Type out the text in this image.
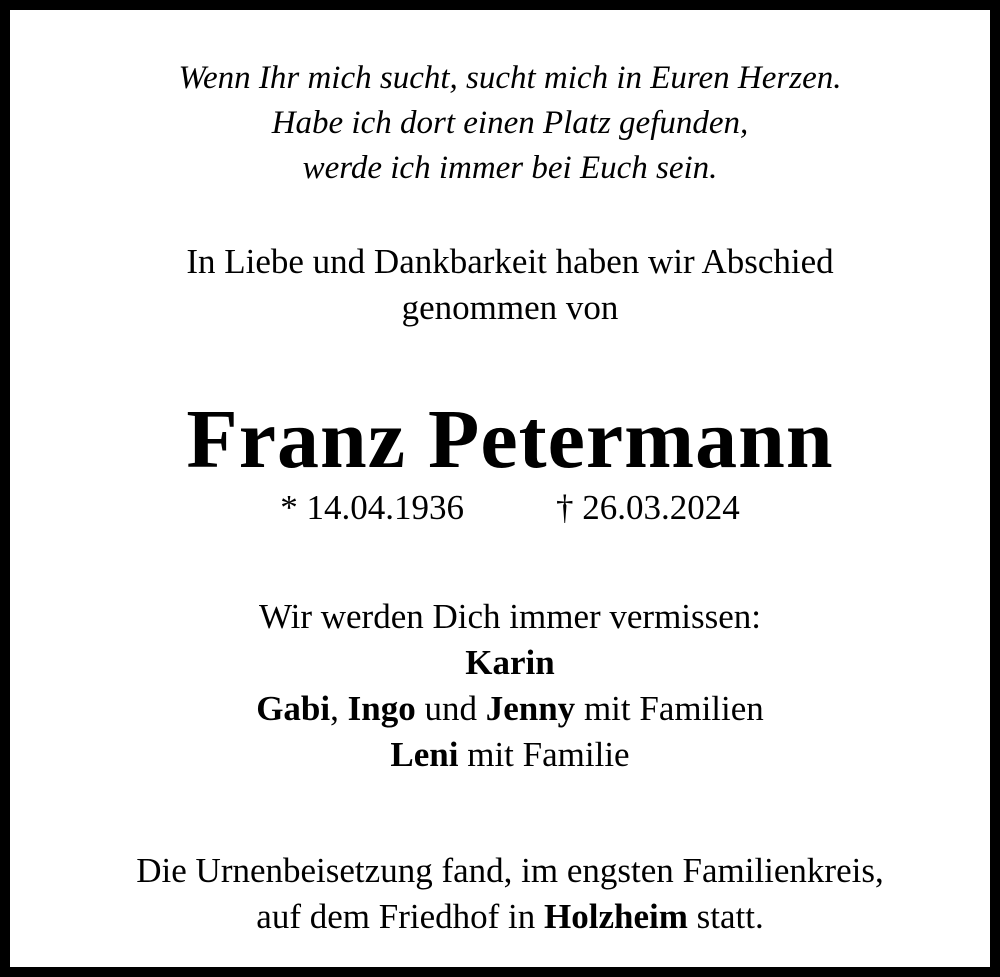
Wenn Ihr mich sucht, sucht mich in Euren Herzen.
Habe ich dort einen Platz gefunden,
werde ich immer bei Euch sein.
In Liebe und Dankbarkeit haben wir Abschied
genommen von
Franz Petermann
* 14.04.1936	† 26.03.2024
Wir werden Dich immer vermissen:
Karin
Gabi, Ingo und Jenny mit Familien
Leni mit Familie
Die Urnenbeisetzung fand, im engsten Familienkreis,
auf dem Friedhof in Holzheim statt.
